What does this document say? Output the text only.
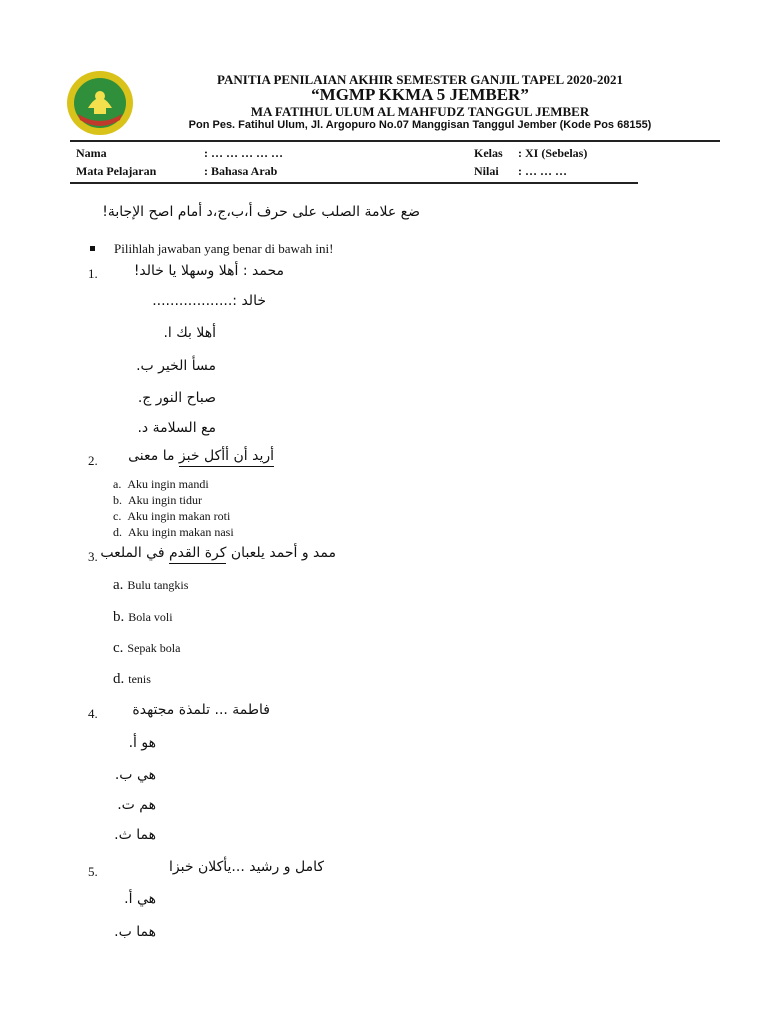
PANITIA PENILAIAN AKHIR SEMESTER GANJIL TAPEL 2020-2021
“MGMP KKMA 5 JEMBER”
MA FATIHUL ULUM AL MAHFUDZ TANGGUL JEMBER
Pon Pes. Fatihul Ulum, Jl. Argopuro No.07 Manggisan Tanggul Jember (Kode Pos 68155)
Nama	: … … … … …	Kelas : XI (Sebelas)
Mata Pelajaran	: Bahasa Arab	Nilai : … … …
ضع علامة الصلب على حرف أ،ب،ج،د أمام اصح الإجابة!
Pilihlah jawaban yang benar di bawah ini!
1.	محمد : أهلا وسهلا يا خالد!
خالد :..................
أهلا بك ا.
مسأ الخير ب.
صباح النور ج.
مع السلامة د.
2.	أريد أن أأكل خبز ما معنى
a. Aku ingin mandi
b. Aku ingin tidur
c. Aku ingin makan roti
d. Aku ingin makan nasi
3.	ممد و أحمد يلعبان كرة القدم في الملعب
a. Bulu tangkis
b. Bola voli
c. Sepak bola
d. tenis
4. فاطمة ... تلمذة مجتهدة
هو أ.
هي ب.
هم ت.
هما ث.
5.	كامل و رشيد ...يأكلان خبزا
هي أ.
هما ب.
